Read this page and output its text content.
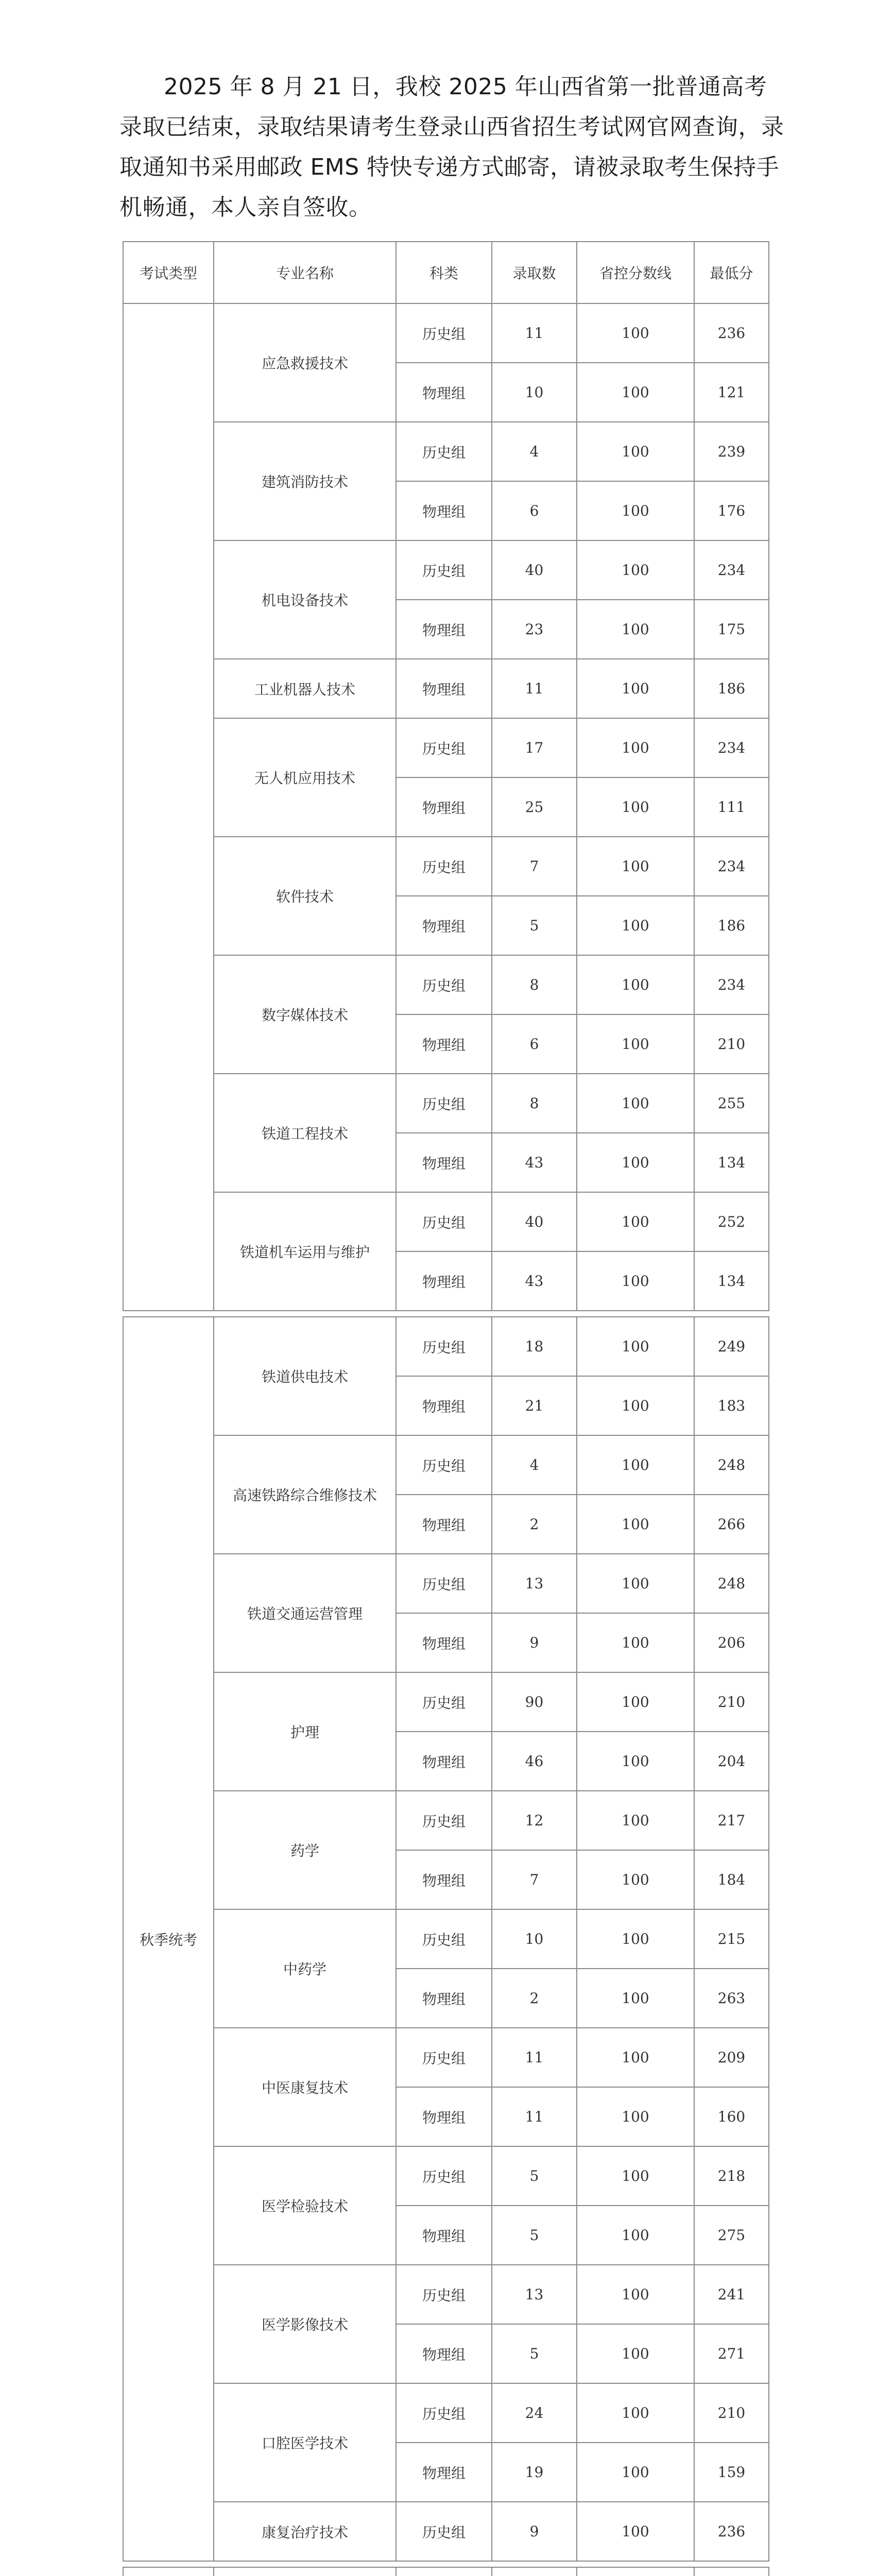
2025 年 8 月 21 日，我校 2025 年山西省第一批普通高考录取已结束，录取结果请考生登录山西省招生考试网官网查询，录取通知书采用邮政 EMS 特快专递方式邮寄，请被录取考生保持手机畅通，本人亲自签收。

考试类型	专业名称	科类	录取数	省控分数线	最低分
	应急救援技术	历史组	11	100	236
		物理组	10	100	121
	建筑消防技术	历史组	4	100	239
		物理组	6	100	176
	机电设备技术	历史组	40	100	234
		物理组	23	100	175
	工业机器人技术	物理组	11	100	186
	无人机应用技术	历史组	17	100	234
		物理组	25	100	111
	软件技术	历史组	7	100	234
		物理组	5	100	186
	数字媒体技术	历史组	8	100	234
		物理组	6	100	210
	铁道工程技术	历史组	8	100	255
		物理组	43	100	134
	铁道机车运用与维护	历史组	40	100	252
		物理组	43	100	134
秋季统考	铁道供电技术	历史组	18	100	249
		物理组	21	100	183
	高速铁路综合维修技术	历史组	4	100	248
		物理组	2	100	266
	铁道交通运营管理	历史组	13	100	248
		物理组	9	100	206
	护理	历史组	90	100	210
		物理组	46	100	204
	药学	历史组	12	100	217
		物理组	7	100	184
	中药学	历史组	10	100	215
		物理组	2	100	263
	中医康复技术	历史组	11	100	209
		物理组	11	100	160
	医学检验技术	历史组	5	100	218
		物理组	5	100	275
	医学影像技术	历史组	13	100	241
		物理组	5	100	271
	口腔医学技术	历史组	24	100	210
		物理组	19	100	159
	康复治疗技术	历史组	9	100	236
